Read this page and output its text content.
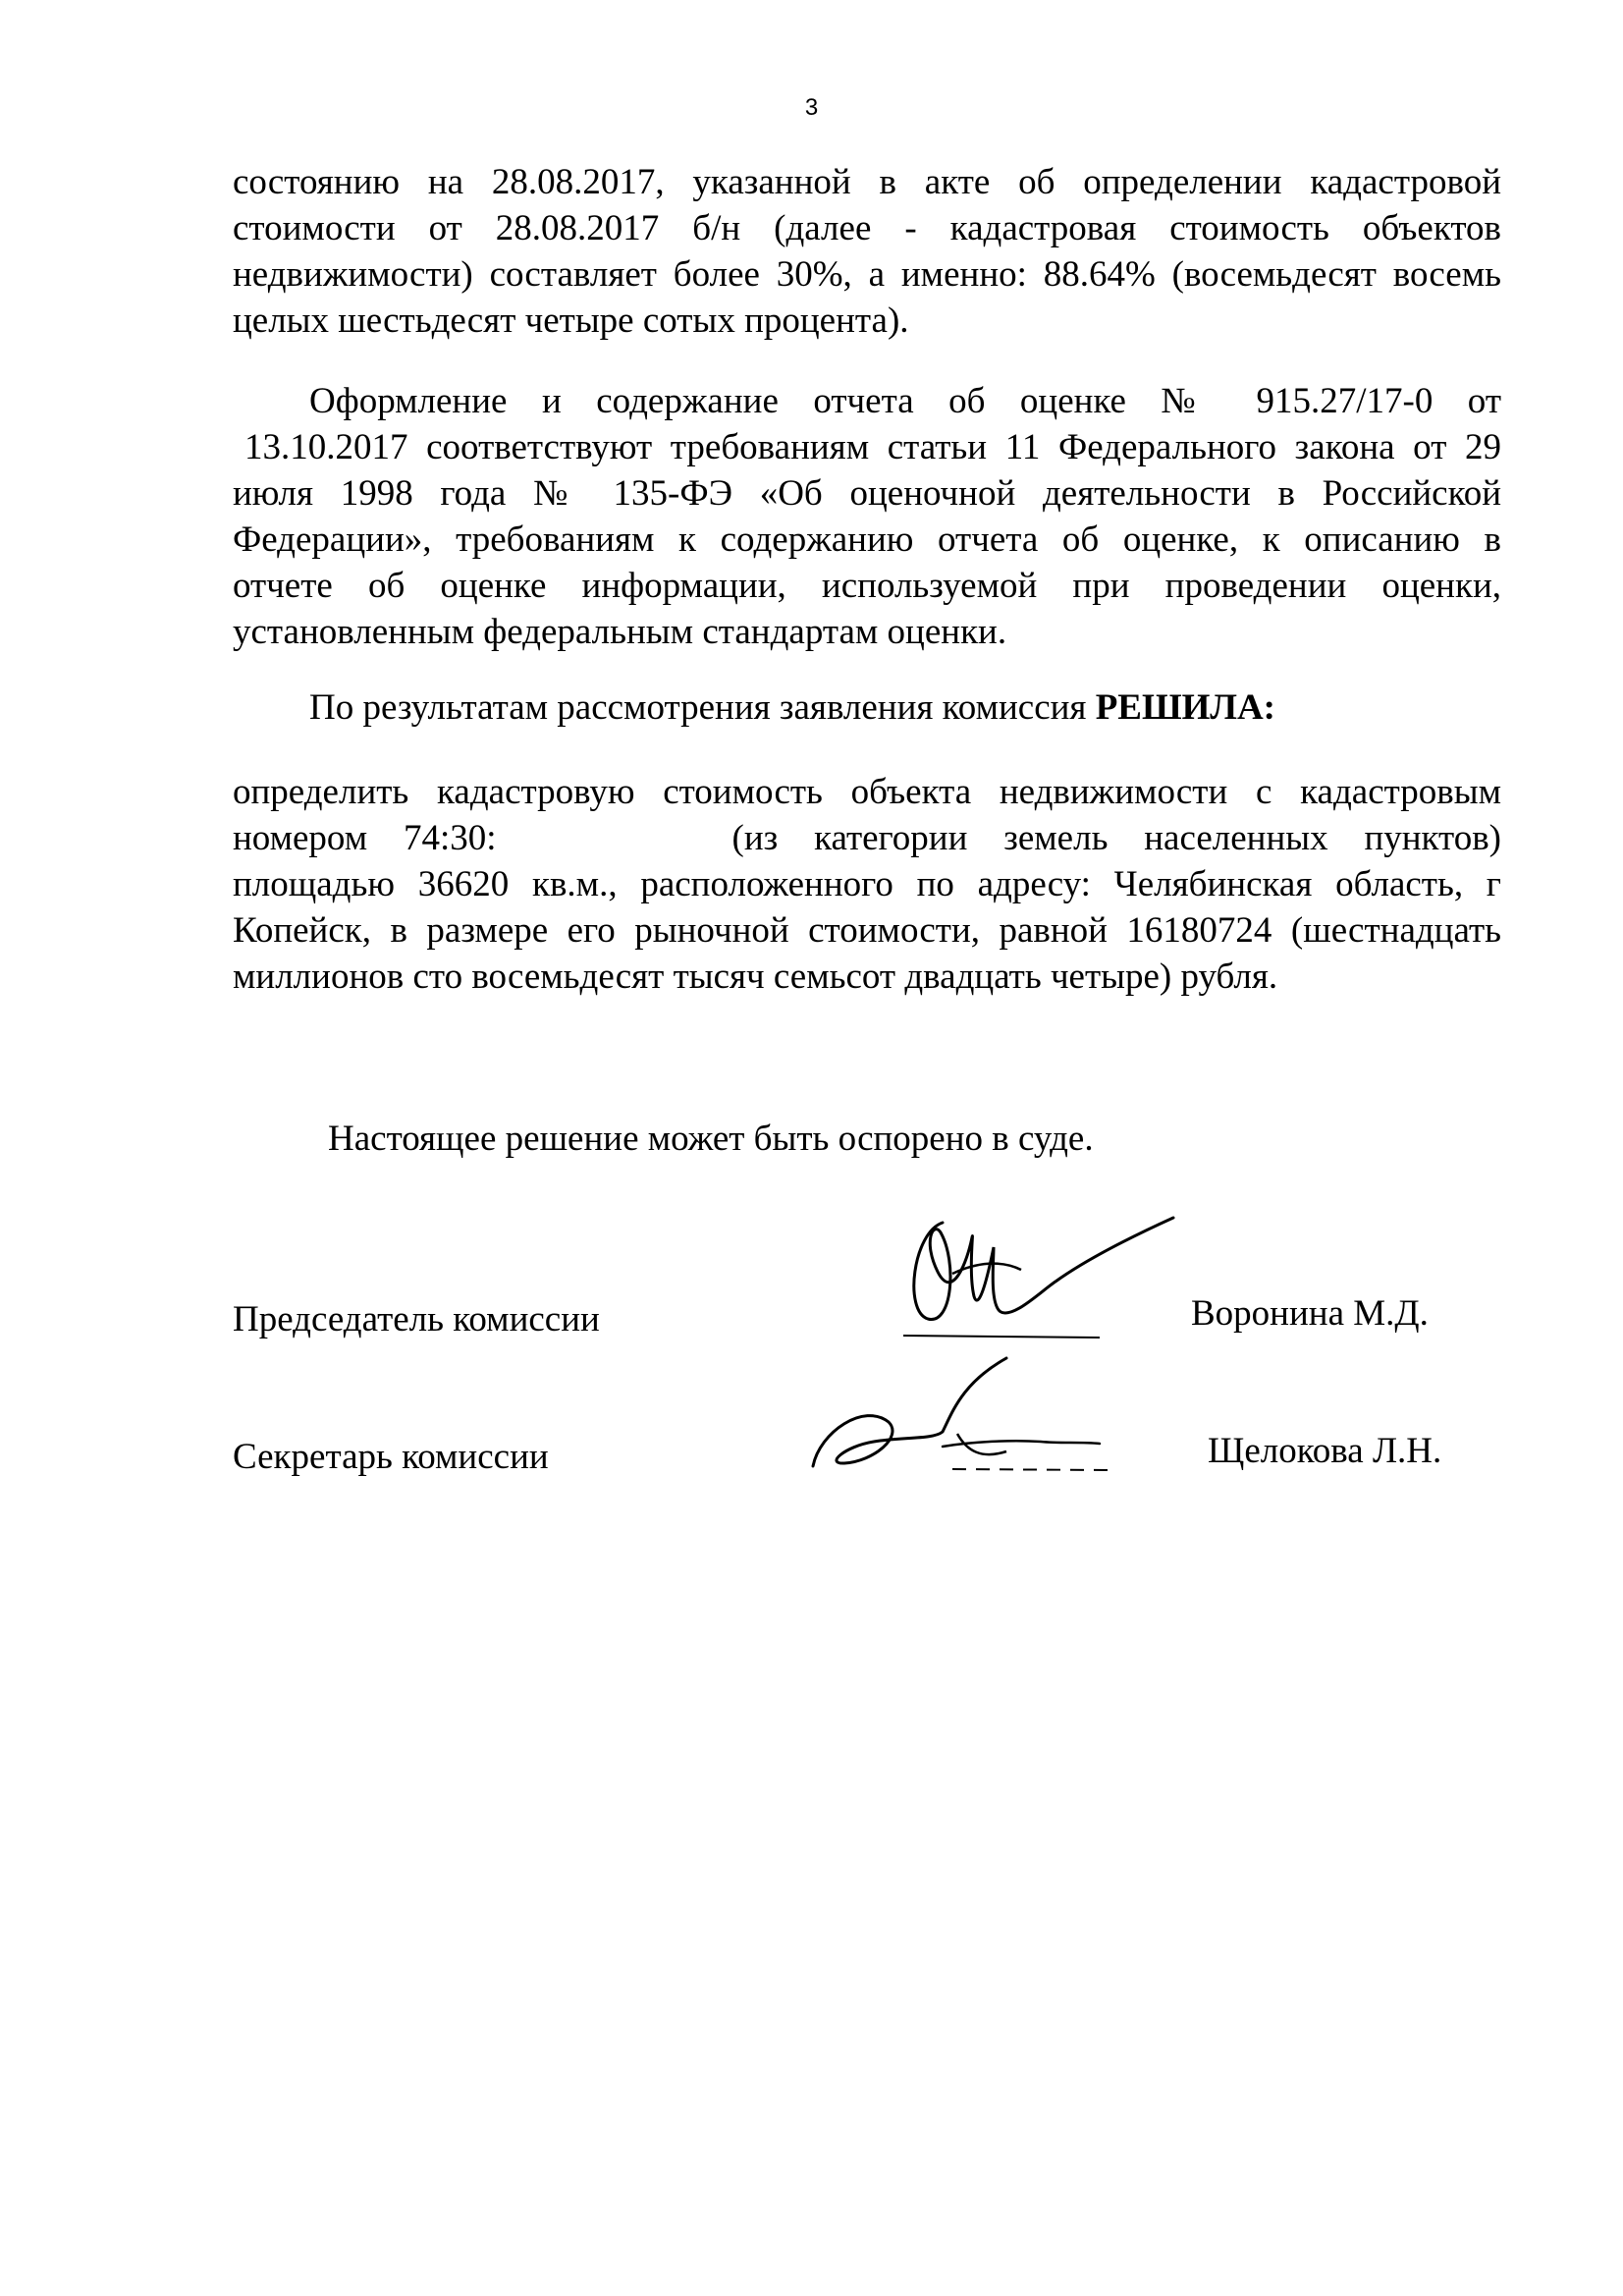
3
состоянию на 28.08.2017, указанной в акте об определении кадастровой
стоимости от 28.08.2017 б/н (далее - кадастровая стоимость объектов
недвижимости) составляет более 30%, а именно: 88.64% (восемьдесят восемь
целых шестьдесят четыре сотых процента).
Оформление и содержание отчета об оценке № 915.27/17-0 от
13.10.2017 соответствуют требованиям статьи 11 Федерального закона от 29
июля 1998 года № 135-ФЭ «Об оценочной деятельности в Российской
Федерации», требованиям к содержанию отчета об оценке, к описанию в
отчете об оценке информации, используемой при проведении оценки,
установленным федеральным стандартам оценки.
По результатам рассмотрения заявления комиссия РЕШИЛА:
определить кадастровую стоимость объекта недвижимости с кадастровым
номером 74:30:	(из категории земель населенных пунктов)
площадью 36620 кв.м., расположенного по адресу: Челябинская область, г
Копейск, в размере его рыночной стоимости, равной 16180724 (шестнадцать
миллионов сто восемьдесят тысяч семьсот двадцать четыре) рубля.
Настоящее решение может быть оспорено в суде.
Председатель комиссии	Воронина М.Д.
Секретарь комиссии	Щелокова Л.Н.
